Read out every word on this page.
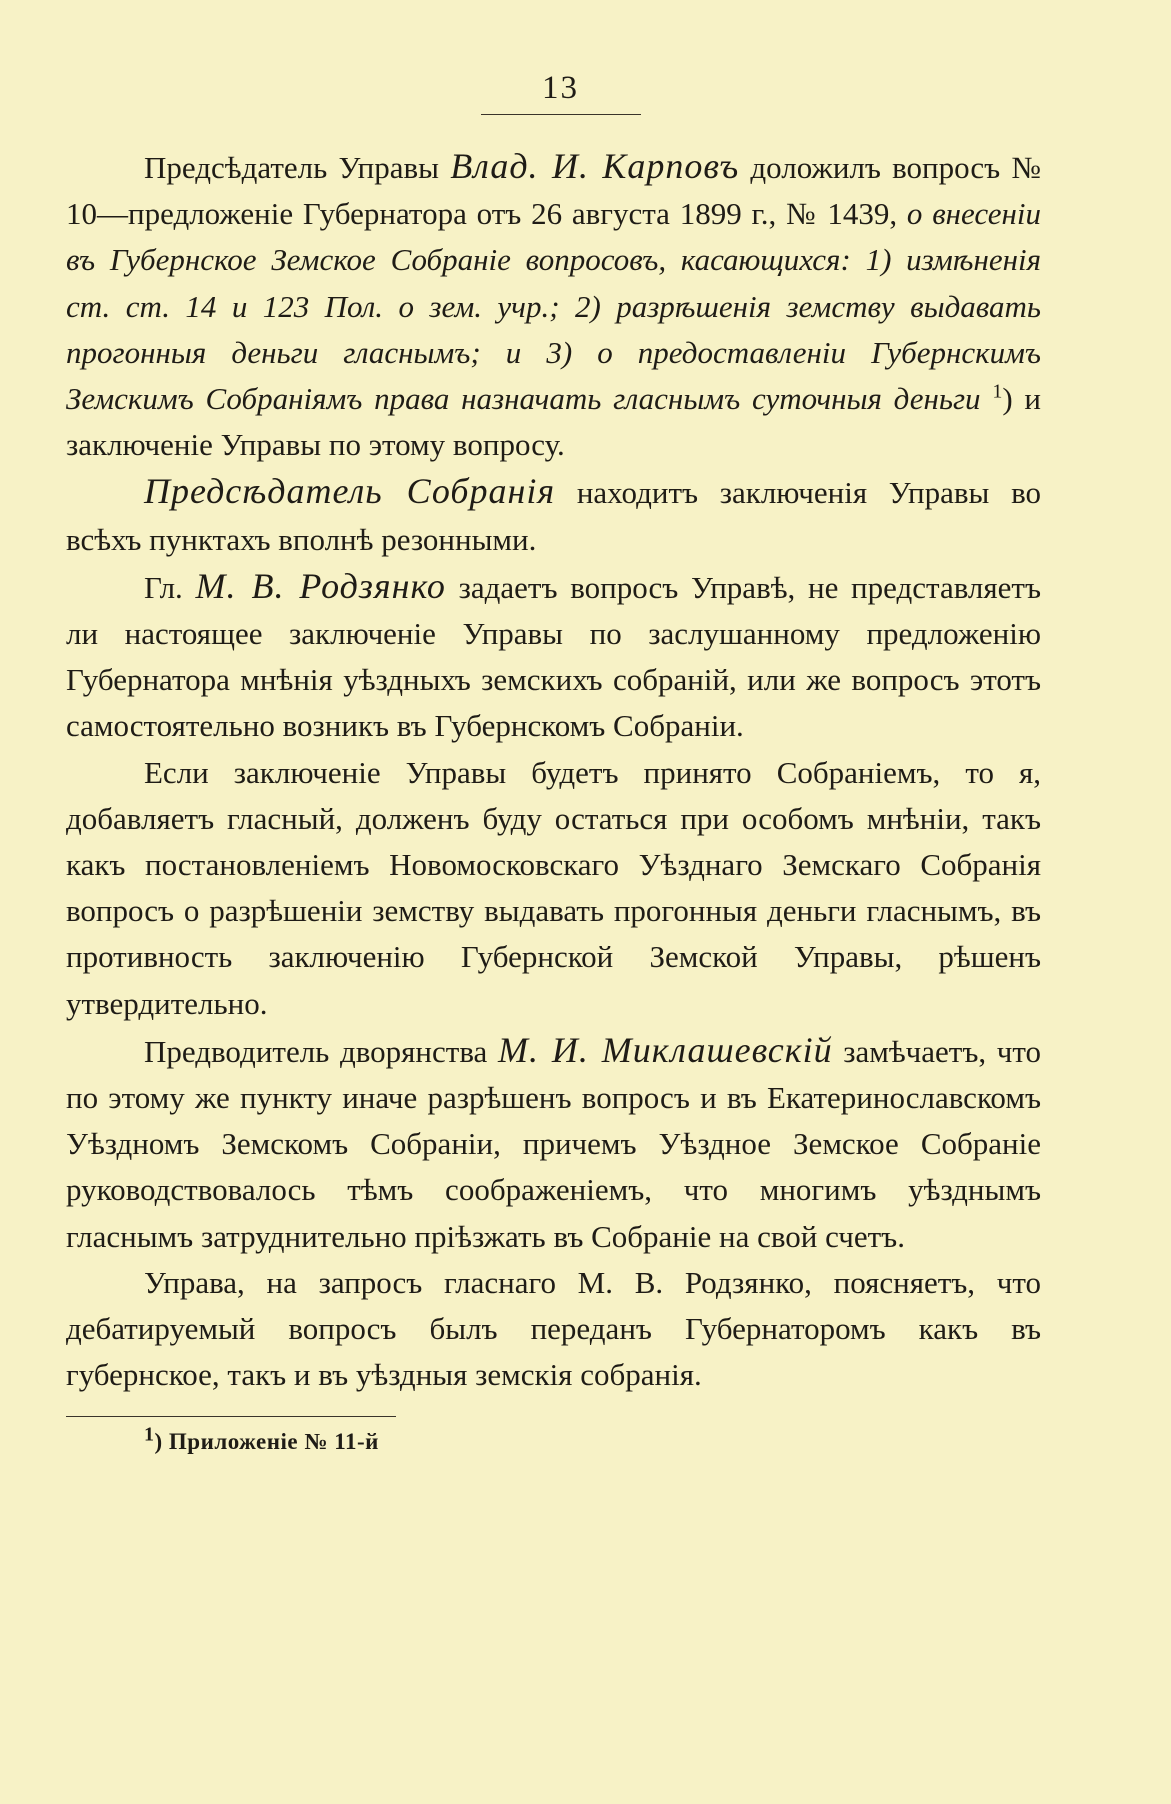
13

Предсѣдатель Управы Влад. И. Карповъ доложилъ вопросъ № 10—предложеніе Губернатора отъ 26 августа 1899 г., № 1439, о внесеніи въ Губернское Земское Собраніе вопросовъ, касающихся: 1) измѣненія ст. ст. 14 и 123 Пол. о зем. учр.; 2) разрѣшенія земству выдавать прогонныя деньги гласнымъ; и 3) о предоставленіи Губернскимъ Земскимъ Собраніямъ права назначать гласнымъ суточныя деньги $^1$) и заключеніе Управы по этому вопросу.

Предсѣдатель Собранія находитъ заключенія Управы во всѣхъ пунктахъ вполнѣ резонными.

Гл. М. В. Родзянко задаетъ вопросъ Управѣ, не представляетъ ли настоящее заключеніе Управы по заслушанному предложенію Губернатора мнѣнія уѣздныхъ земскихъ собраній, или же вопросъ этотъ самостоятельно возникъ въ Губернскомъ Собраніи.

Если заключеніе Управы будетъ принято Собраніемъ, то я, добавляетъ гласный, долженъ буду остаться при особомъ мнѣніи, такъ какъ постановленіемъ Новомосковскаго Уѣзднаго Земскаго Собранія вопросъ о разрѣшеніи земству выдавать прогонныя деньги гласнымъ, въ противность заключенію Губернской Земской Управы, рѣшенъ утвердительно.

Предводитель дворянства М. И. Миклашевскій замѣчаетъ, что по этому же пункту иначе разрѣшенъ вопросъ и въ Екатеринославскомъ Уѣздномъ Земскомъ Собраніи, причемъ Уѣздное Земское Собраніе руководствовалось тѣмъ соображеніемъ, что многимъ уѣзднымъ гласнымъ затруднительно пріѣзжать въ Собраніе на свой счетъ.

Управа, на запросъ гласнаго М. В. Родзянко, поясняетъ, что дебатируемый вопросъ былъ переданъ Губернаторомъ какъ въ губернское, такъ и въ уѣздныя земскія собранія.

$^1$) Приложеніе № 11-й
